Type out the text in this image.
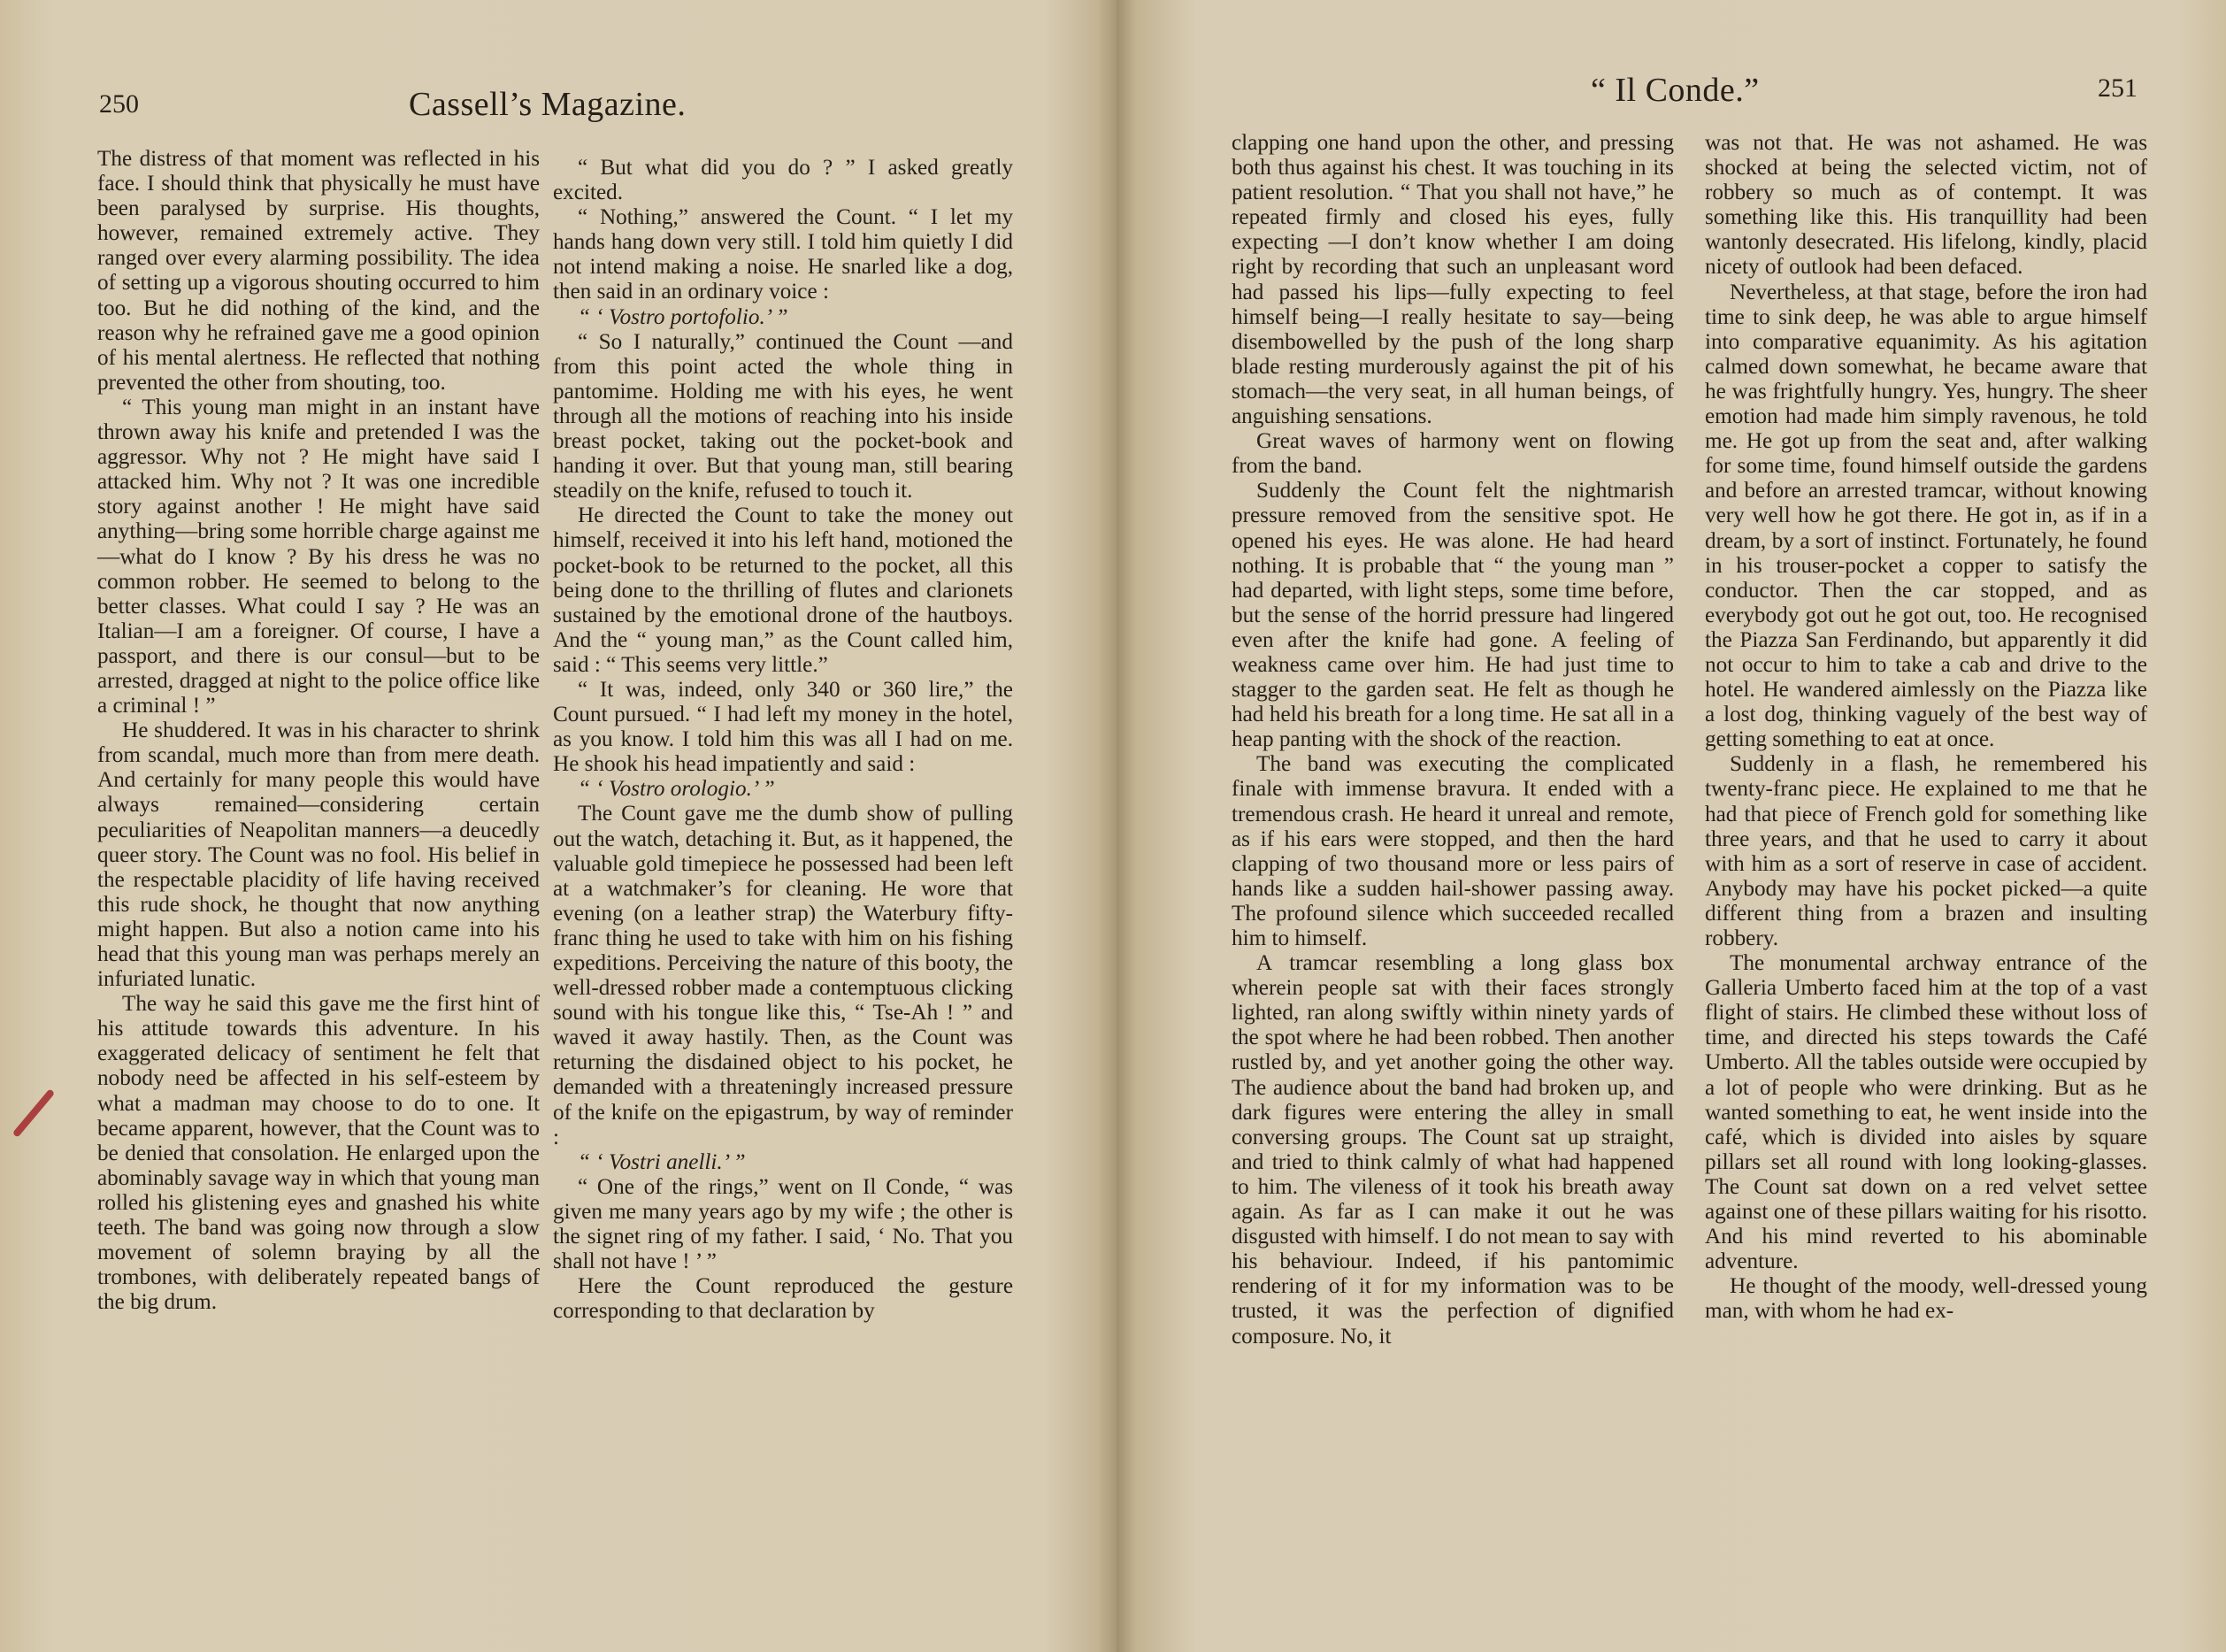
250	Cassell’s Magazine.

The distress of that moment was reflected in his face. I should think that physically he must have been paralysed by surprise. His thoughts, however, remained extremely active. They ranged over every alarming possibility. The idea of setting up a vigorous shouting occurred to him too. But he did nothing of the kind, and the reason why he refrained gave me a good opinion of his mental alertness. He reflected that nothing prevented the other from shouting, too.

“ This young man might in an instant have thrown away his knife and pretended I was the aggressor. Why not ? He might have said I attacked him. Why not ? It was one incredible story against another ! He might have said anything—bring some horrible charge against me—what do I know ? By his dress he was no common robber. He seemed to belong to the better classes. What could I say ? He was an Italian—I am a foreigner. Of course, I have a passport, and there is our consul—but to be arrested, dragged at night to the police office like a criminal ! ”

He shuddered. It was in his character to shrink from scandal, much more than from mere death. And certainly for many people this would have always remained—considering certain peculiarities of Neapolitan manners—a deucedly queer story. The Count was no fool. His belief in the respectable placidity of life having received this rude shock, he thought that now anything might happen. But also a notion came into his head that this young man was perhaps merely an infuriated lunatic.

The way he said this gave me the first hint of his attitude towards this adventure. In his exaggerated delicacy of sentiment he felt that nobody need be affected in his self-esteem by what a madman may choose to do to one. It became apparent, however, that the Count was to be denied that consolation. He enlarged upon the abominably savage way in which that young man rolled his glistening eyes and gnashed his white teeth. The band was going now through a slow movement of solemn braying by all the trombones, with deliberately repeated bangs of the big drum.

“ But what did you do ? ” I asked greatly excited.

“ Nothing,” answered the Count. “ I let my hands hang down very still. I told him quietly I did not intend making a noise. He snarled like a dog, then said in an ordinary voice :

“ ‘ Vostro portofolio.’ ”

“ So I naturally,” continued the Count —and from this point acted the whole thing in pantomime. Holding me with his eyes, he went through all the motions of reaching into his inside breast pocket, taking out the pocket-book and handing it over. But that young man, still bearing steadily on the knife, refused to touch it.

He directed the Count to take the money out himself, received it into his left hand, motioned the pocket-book to be returned to the pocket, all this being done to the thrilling of flutes and clarionets sustained by the emotional drone of the hautboys. And the “ young man,” as the Count called him, said : “ This seems very little.”

“ It was, indeed, only 340 or 360 lire,” the Count pursued. “ I had left my money in the hotel, as you know. I told him this was all I had on me. He shook his head impatiently and said :

“ ‘ Vostro orologio.’ ”

The Count gave me the dumb show of pulling out the watch, detaching it. But, as it happened, the valuable gold timepiece he possessed had been left at a watchmaker’s for cleaning. He wore that evening (on a leather strap) the Waterbury fifty-franc thing he used to take with him on his fishing expeditions. Perceiving the nature of this booty, the well-dressed robber made a contemptuous clicking sound with his tongue like this, “ Tse-Ah ! ” and waved it away hastily. Then, as the Count was returning the disdained object to his pocket, he demanded with a threateningly increased pressure of the knife on the epigastrum, by way of reminder :

“ ‘ Vostri anelli.’ ”

“ One of the rings,” went on Il Conde, “ was given me many years ago by my wife ; the other is the signet ring of my father. I said, ‘ No. That you shall not have ! ’ ”

Here the Count reproduced the gesture corresponding to that declaration by

“ Il Conde.”	251

clapping one hand upon the other, and pressing both thus against his chest. It was touching in its patient resolution. “ That you shall not have,” he repeated firmly and closed his eyes, fully expecting —I don’t know whether I am doing right by recording that such an unpleasant word had passed his lips—fully expecting to feel himself being—I really hesitate to say—being disembowelled by the push of the long sharp blade resting murderously against the pit of his stomach—the very seat, in all human beings, of anguishing sensations.

Great waves of harmony went on flowing from the band.

Suddenly the Count felt the nightmarish pressure removed from the sensitive spot. He opened his eyes. He was alone. He had heard nothing. It is probable that “ the young man ” had departed, with light steps, some time before, but the sense of the horrid pressure had lingered even after the knife had gone. A feeling of weakness came over him. He had just time to stagger to the garden seat. He felt as though he had held his breath for a long time. He sat all in a heap panting with the shock of the reaction.

The band was executing the complicated finale with immense bravura. It ended with a tremendous crash. He heard it unreal and remote, as if his ears were stopped, and then the hard clapping of two thousand more or less pairs of hands like a sudden hail-shower passing away. The profound silence which succeeded recalled him to himself.

A tramcar resembling a long glass box wherein people sat with their faces strongly lighted, ran along swiftly within ninety yards of the spot where he had been robbed. Then another rustled by, and yet another going the other way. The audience about the band had broken up, and dark figures were entering the alley in small conversing groups. The Count sat up straight, and tried to think calmly of what had happened to him. The vileness of it took his breath away again. As far as I can make it out he was disgusted with himself. I do not mean to say with his behaviour. Indeed, if his pantomimic rendering of it for my information was to be trusted, it was the perfection of dignified composure. No, it

was not that. He was not ashamed. He was shocked at being the selected victim, not of robbery so much as of contempt. It was something like this. His tranquillity had been wantonly desecrated. His lifelong, kindly, placid nicety of outlook had been defaced.

Nevertheless, at that stage, before the iron had time to sink deep, he was able to argue himself into comparative equanimity. As his agitation calmed down somewhat, he became aware that he was frightfully hungry. Yes, hungry. The sheer emotion had made him simply ravenous, he told me. He got up from the seat and, after walking for some time, found himself outside the gardens and before an arrested tramcar, without knowing very well how he got there. He got in, as if in a dream, by a sort of instinct. Fortunately, he found in his trouser-pocket a copper to satisfy the conductor. Then the car stopped, and as everybody got out he got out, too. He recognised the Piazza San Ferdinando, but apparently it did not occur to him to take a cab and drive to the hotel. He wandered aimlessly on the Piazza like a lost dog, thinking vaguely of the best way of getting something to eat at once.

Suddenly in a flash, he remembered his twenty-franc piece. He explained to me that he had that piece of French gold for something like three years, and that he used to carry it about with him as a sort of reserve in case of accident. Anybody may have his pocket picked—a quite different thing from a brazen and insulting robbery.

The monumental archway entrance of the Galleria Umberto faced him at the top of a vast flight of stairs. He climbed these without loss of time, and directed his steps towards the Café Umberto. All the tables outside were occupied by a lot of people who were drinking. But as he wanted something to eat, he went inside into the café, which is divided into aisles by square pillars set all round with long looking-glasses. The Count sat down on a red velvet settee against one of these pillars waiting for his risotto. And his mind reverted to his abominable adventure.

He thought of the moody, well-dressed young man, with whom he had ex-
